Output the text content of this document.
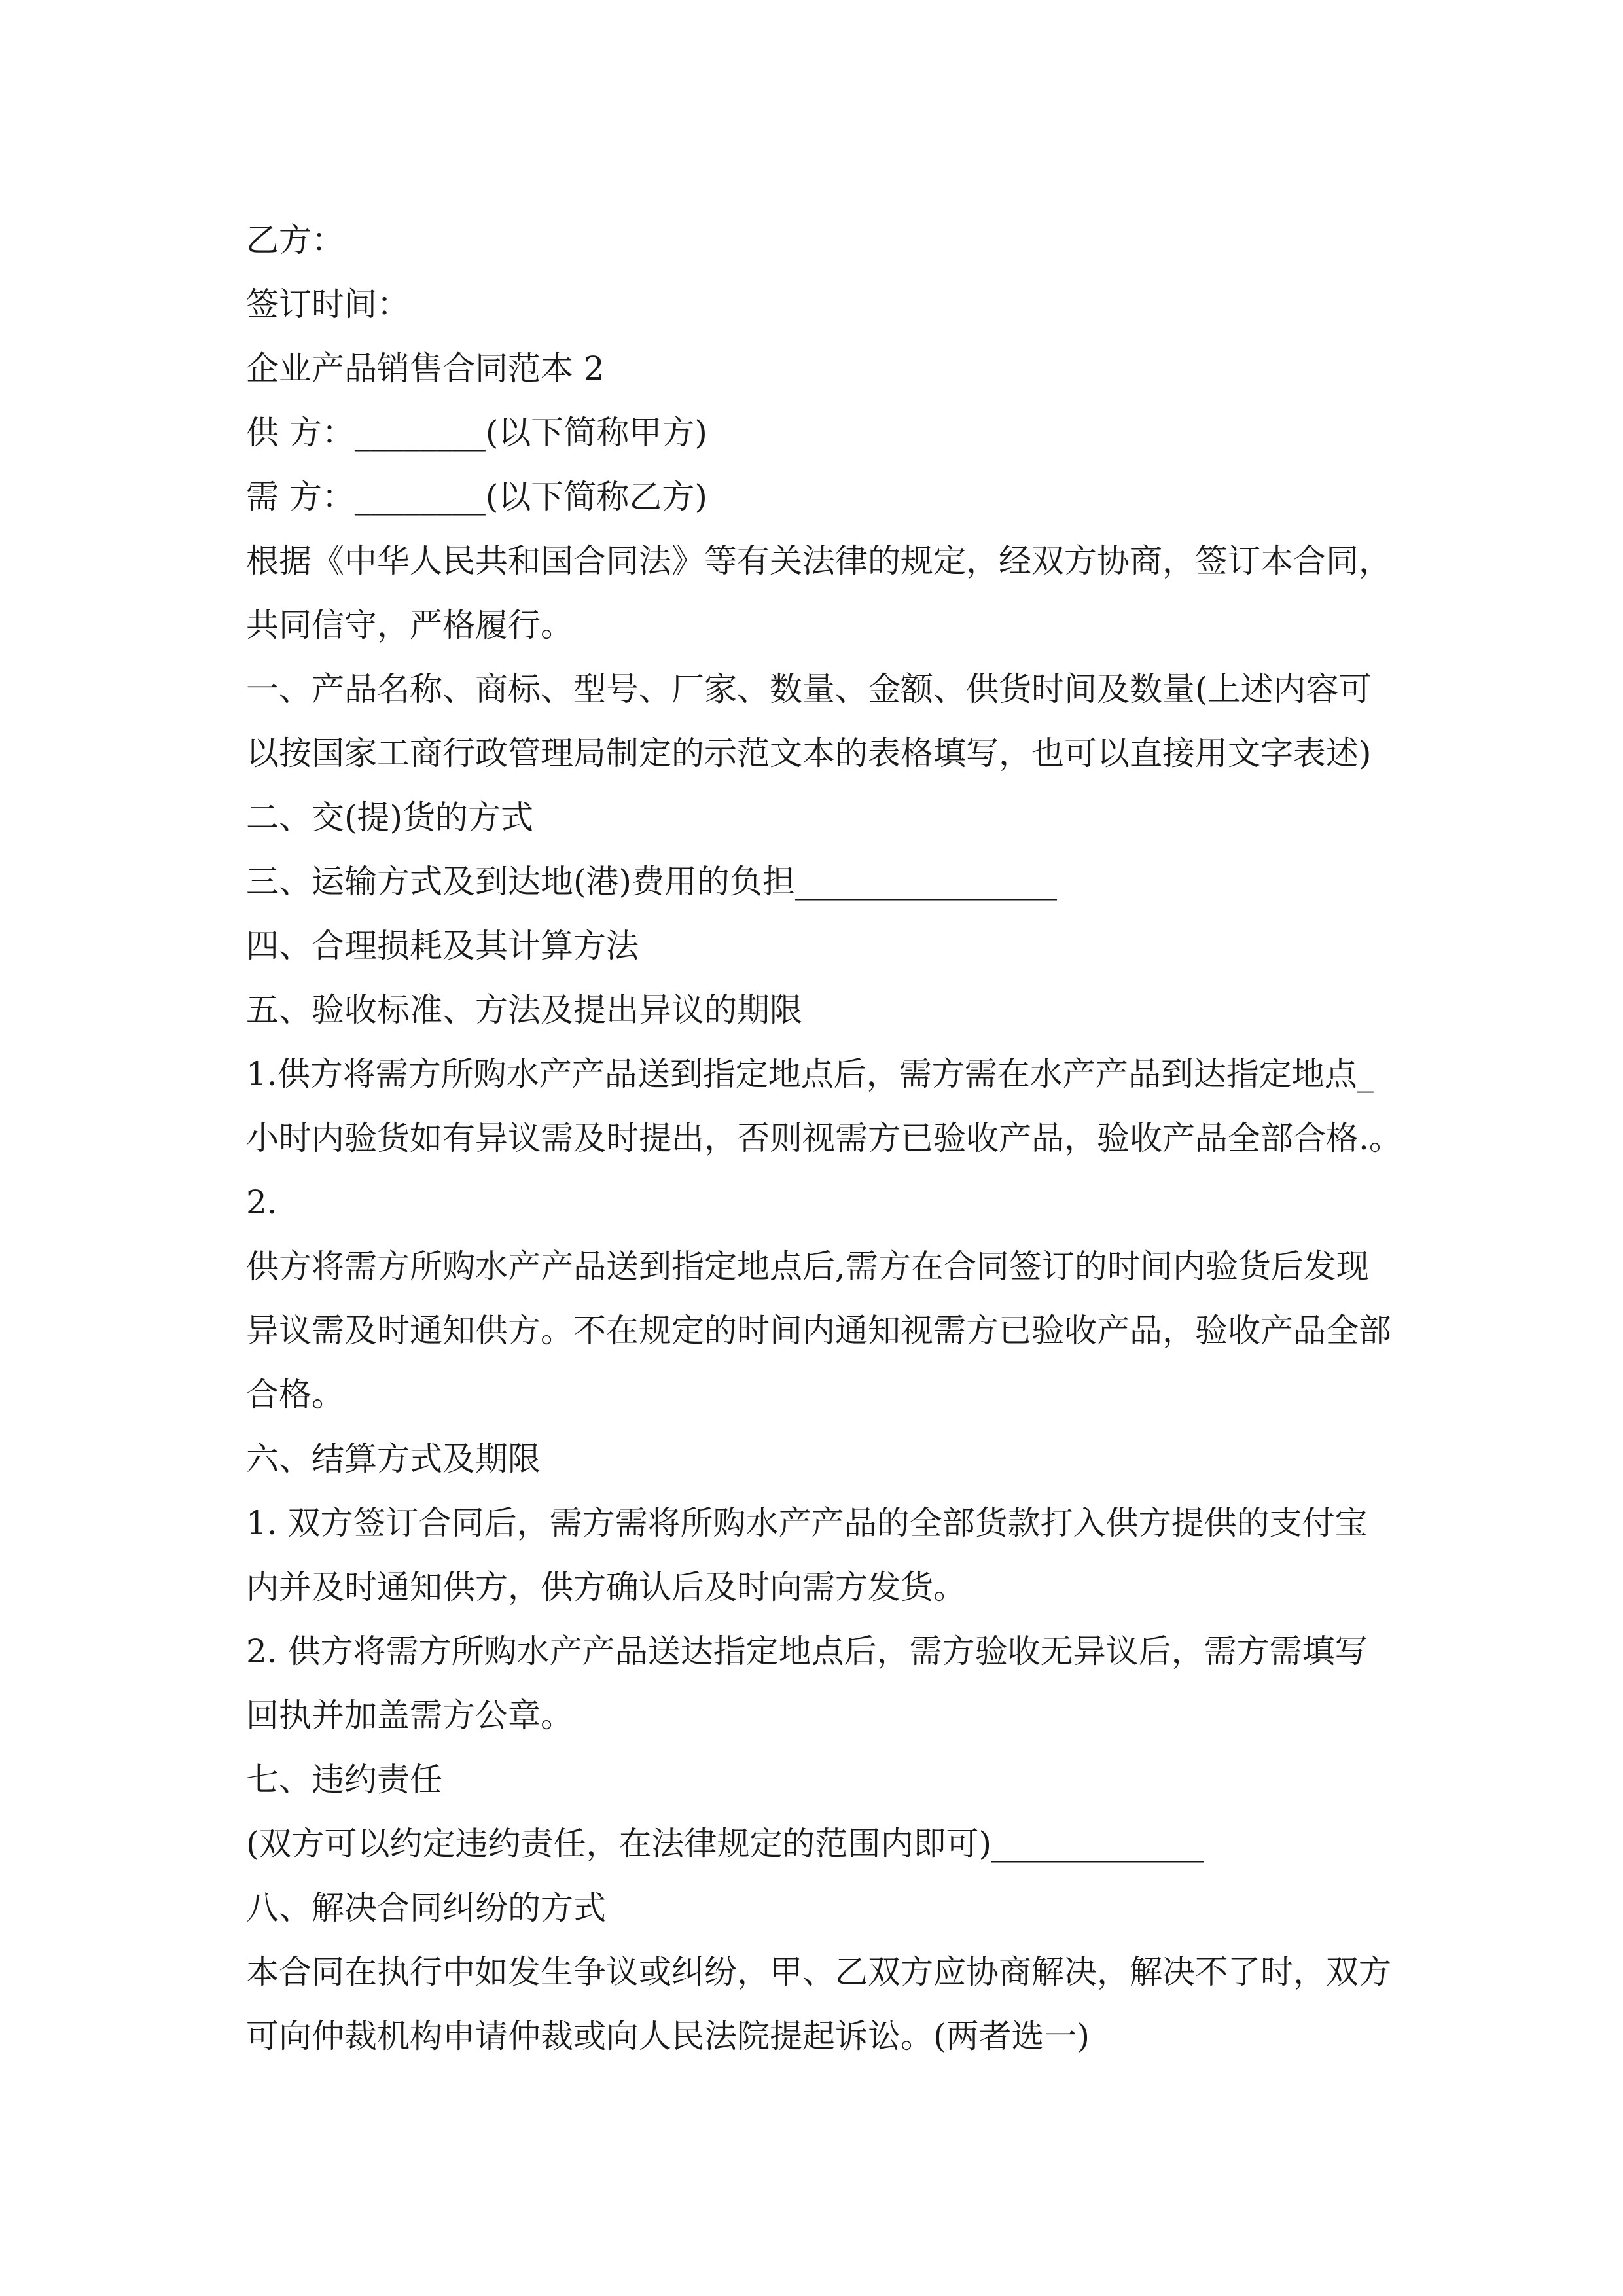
乙方：
签订时间：
企业产品销售合同范本 2
供 方：________(以下简称甲方)
需 方：________(以下简称乙方)
根据《中华人民共和国合同法》等有关法律的规定，经双方协商，签订本合同，
共同信守，严格履行。
一、产品名称、商标、型号、厂家、数量、金额、供货时间及数量(上述内容可
以按国家工商行政管理局制定的示范文本的表格填写，也可以直接用文字表述)
二、交(提)货的方式
三、运输方式及到达地(港)费用的负担________________
四、合理损耗及其计算方法
五、验收标准、方法及提出异议的期限
1.供方将需方所购水产产品送到指定地点后，需方需在水产产品到达指定地点_
小时内验货如有异议需及时提出，否则视需方已验收产品，验收产品全部合格.。
2.
供方将需方所购水产产品送到指定地点后,需方在合同签订的时间内验货后发现
异议需及时通知供方。不在规定的时间内通知视需方已验收产品，验收产品全部
合格。
六、结算方式及期限
1. 双方签订合同后，需方需将所购水产产品的全部货款打入供方提供的支付宝
内并及时通知供方，供方确认后及时向需方发货。
2. 供方将需方所购水产产品送达指定地点后，需方验收无异议后，需方需填写
回执并加盖需方公章。
七、违约责任
(双方可以约定违约责任，在法律规定的范围内即可)_____________
八、解决合同纠纷的方式
本合同在执行中如发生争议或纠纷，甲、乙双方应协商解决，解决不了时，双方
可向仲裁机构申请仲裁或向人民法院提起诉讼。(两者选一)
